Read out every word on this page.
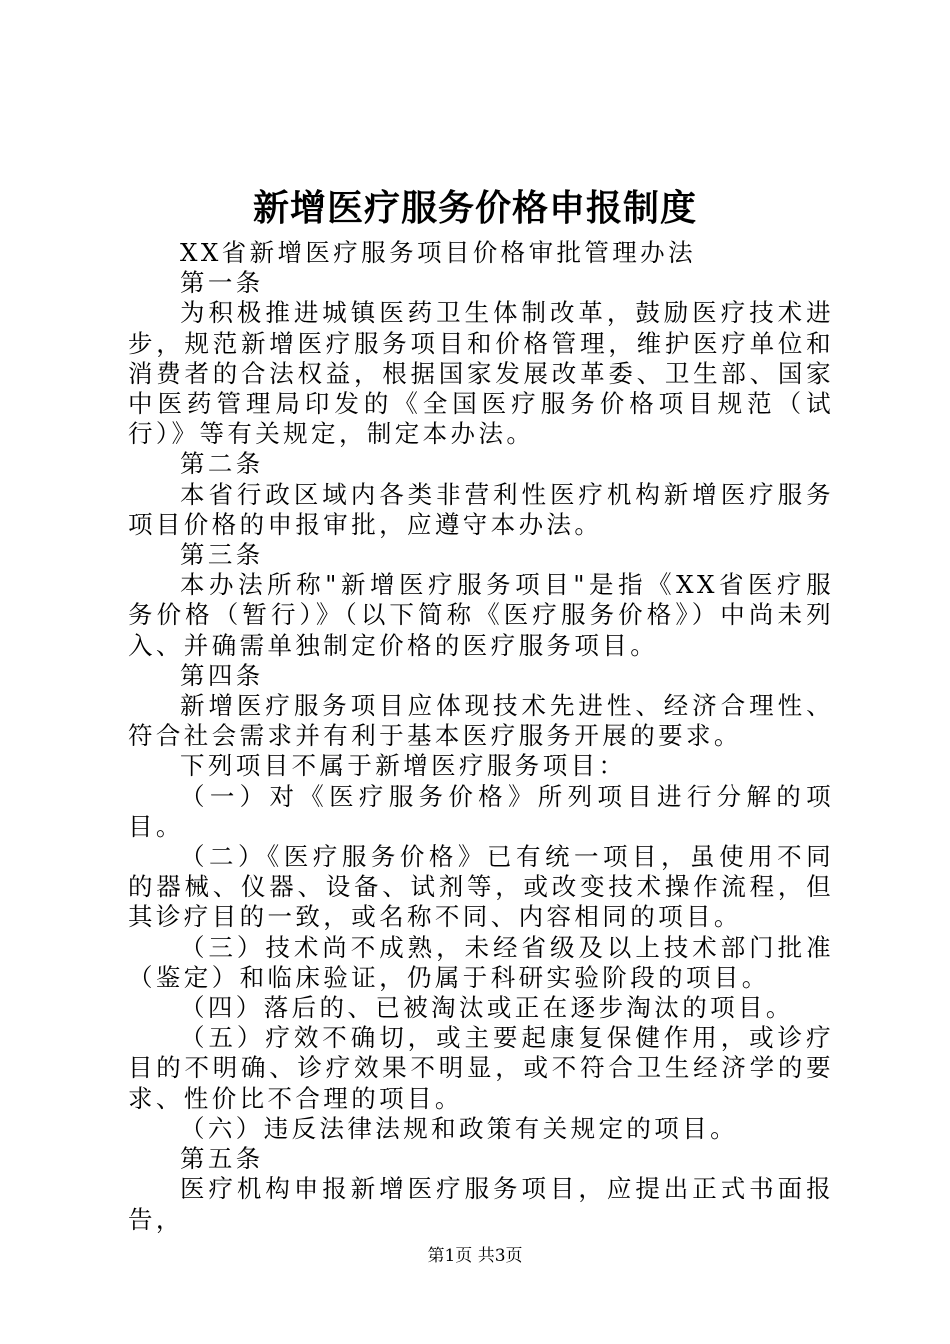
新增医疗服务价格申报制度

XX省新增医疗服务项目价格审批管理办法

第一条

为积极推进城镇医药卫生体制改革，鼓励医疗技术进步，规范新增医疗服务项目和价格管理，维护医疗单位和消费者的合法权益，根据国家发展改革委、卫生部、国家中医药管理局印发的《全国医疗服务价格项目规范（试行）》等有关规定，制定本办法。

第二条

本省行政区域内各类非营利性医疗机构新增医疗服务项目价格的申报审批，应遵守本办法。

第三条

本办法所称"新增医疗服务项目"是指《XX省医疗服务价格（暂行）》（以下简称《医疗服务价格》）中尚未列入、并确需单独制定价格的医疗服务项目。

第四条

新增医疗服务项目应体现技术先进性、经济合理性、符合社会需求并有利于基本医疗服务开展的要求。

下列项目不属于新增医疗服务项目：

（一）对《医疗服务价格》所列项目进行分解的项目。

（二）《医疗服务价格》已有统一项目，虽使用不同的器械、仪器、设备、试剂等，或改变技术操作流程，但其诊疗目的一致，或名称不同、内容相同的项目。

（三）技术尚不成熟，未经省级及以上技术部门批准（鉴定）和临床验证，仍属于科研实验阶段的项目。

（四）落后的、已被淘汰或正在逐步淘汰的项目。

（五）疗效不确切，或主要起康复保健作用，或诊疗目的不明确、诊疗效果不明显，或不符合卫生经济学的要求、性价比不合理的项目。

（六）违反法律法规和政策有关规定的项目。

第五条

医疗机构申报新增医疗服务项目，应提出正式书面报告，

第1页 共3页
